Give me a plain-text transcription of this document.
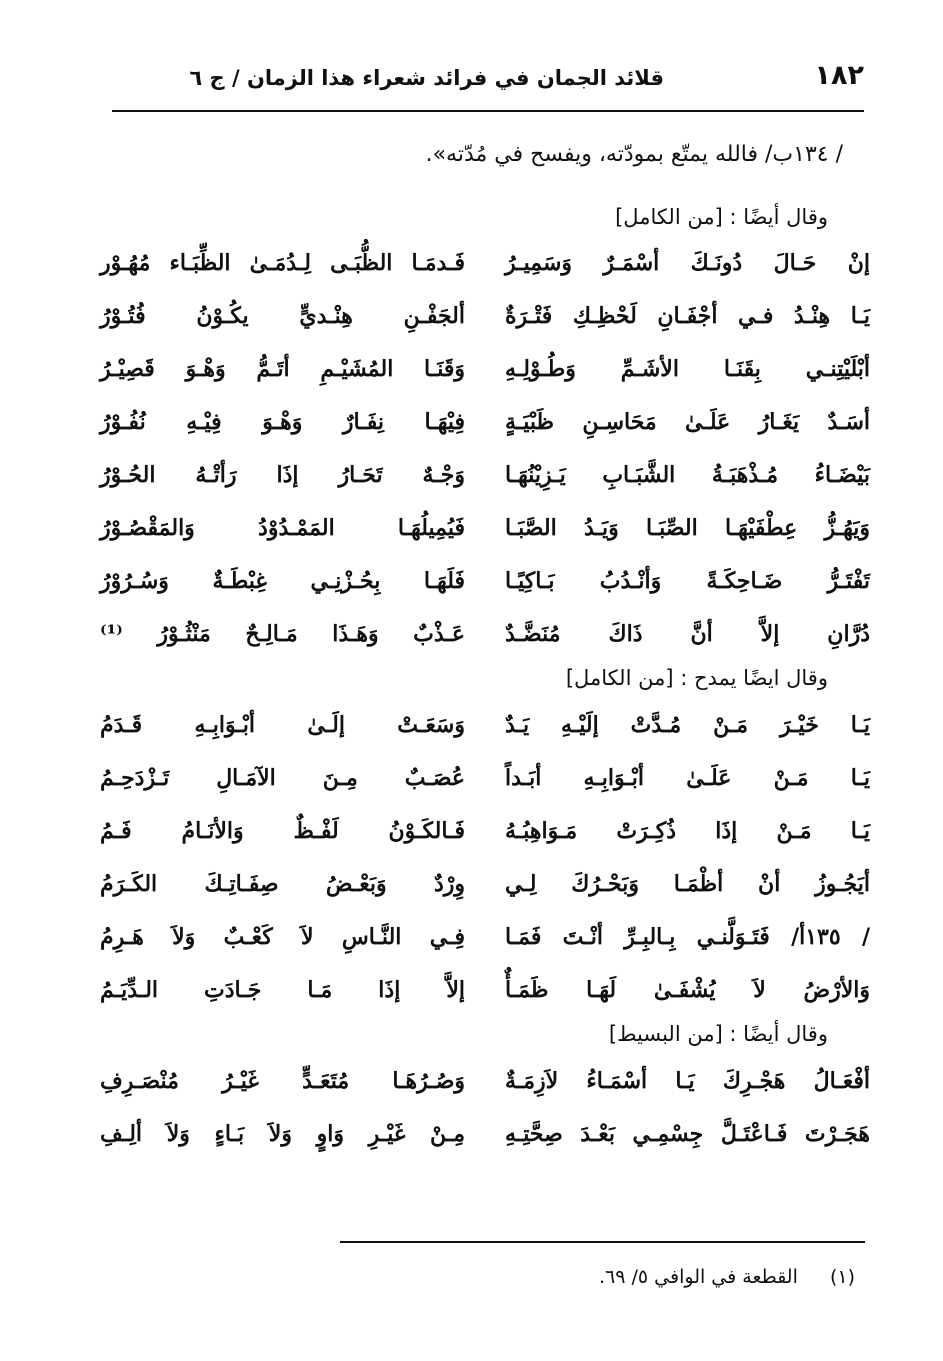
١٨٢
قلائد الجمان في فرائد شعراء هذا الزمان / ج ٦
/ ١٣٤ب/ فالله يمتّع بمودّته، ويفسح في مُدّته».
وقال أيضًا : [من الكامل]
إنْ حَـالَ دُونَـكَ أسْمَـرٌ وَسَمِيـرُ
فَـدمَـا الظُّبَـى لِـدُمَـىٰ الظِّبَـاء مُهُـوْر
يَـا هِنْـدُ فـي أجْفَـانِ لَحْظِـكِ فَتْـرَةٌ
ألجَفْـنِ هِنْـديٍّ يكُـوْنُ فُتُـوْرُ
أبْلَيْتِنـي بِقَنَـا الأشَـمِّ وَطُـوْلِـهِ
وَقَنَـا المُشَيْـمِ أتَـمُّ وَهْـوَ قَصِيْـرُ
أسَـدٌ يَغَـارُ عَلَـىٰ مَحَاسِـنِ ظَبْيَـةٍ
فِيْهَـا نِفَـارٌ وَهْـوَ فِيْـهِ نُفُـوْرُ
بَيْضَـاءُ مُـذْهَبَـةُ الشَّبَـابِ يَـزِيْنُهَـا
وَجْـهٌ تَحَـارُ إذَا رَأتْـهُ الحُـوْرُ
وَيَهُـزُّ عِطْفَيْهَـا الصِّبَـا وَيَـدُ الصَّبَـا
فَيُمِيلُهَـا المَمْـدُوْدُ وَالمَقْصُـوْرُ
تَفْتَـرُّ ضَـاحِكَـةً وَأنْـدُبُ بَـاكِيًـا
فَلَهَـا بِحُـزْنِـي غِبْطَـةٌ وَسُـرُوْرُ
دُرَّانِ إلاَّ أنَّ ذَاكَ مُنَضَّـدٌ
عَـذْبٌ وَهَـذَا مَـالِـحٌ مَنْثُـوْرُ ⁽¹⁾
وقال ايضًا يمدح : [من الكامل]
يَـا خَيْـرَ مَـنْ مُـدَّتْ إلَيْـهِ يَـدٌ
وَسَعَـتْ إلَـىٰ أبْـوَابِـهِ قَـدَمُ
يَـا مَـنْ عَلَـىٰ أبْـوَابِـهِ أبَـداً
عُصَـبٌ مِـنَ الآمَـالِ تَـزْدَحِـمُ
يَـا مَـنْ إذَا ذُكِـرَتْ مَـوَاهِبُـهُ
فَـالكَـوْنُ لَفْـظٌ وَالأنَـامُ فَـمُ
أيَجُـوزُ أنْ أظْمَـا وَبَحْـرُكَ لِـي
وِرْدٌ وَبَعْـضُ صِفَـاتِـكَ الكَـرَمُ
/ ١٣٥أ/ فَتَـوَلَّنـي بِـالبِـرِّ أنْـتَ فَمَـا
فِـي النَّـاسِ لاَ كَعْـبٌ وَلاَ هَـرِمُ
وَالأرْضُ لاَ يُشْفَـىٰ لَهَـا ظَمَـأٌ
إلاَّ إذَا مَـا جَـادَتِ الـدِّيَـمُ
وقال أيضًا : [من البسيط]
أفْعَـالُ هَجْـرِكَ يَـا أسْمَـاءُ لاَزِمَـةٌ
وَصُـرُهَـا مُتَعَـدٍّ غَيْـرُ مُنْصَـرِفِ
هَجَـرْتَ فَـاعْتَـلَّ جِسْمِـي بَعْـدَ صِحَّتِـهِ
مِـنْ غَيْـرِ وَاوٍ وَلاَ بَـاءٍ وَلاَ ألِـفِ
(١) القطعة في الوافي ٥/ ٦٩.
